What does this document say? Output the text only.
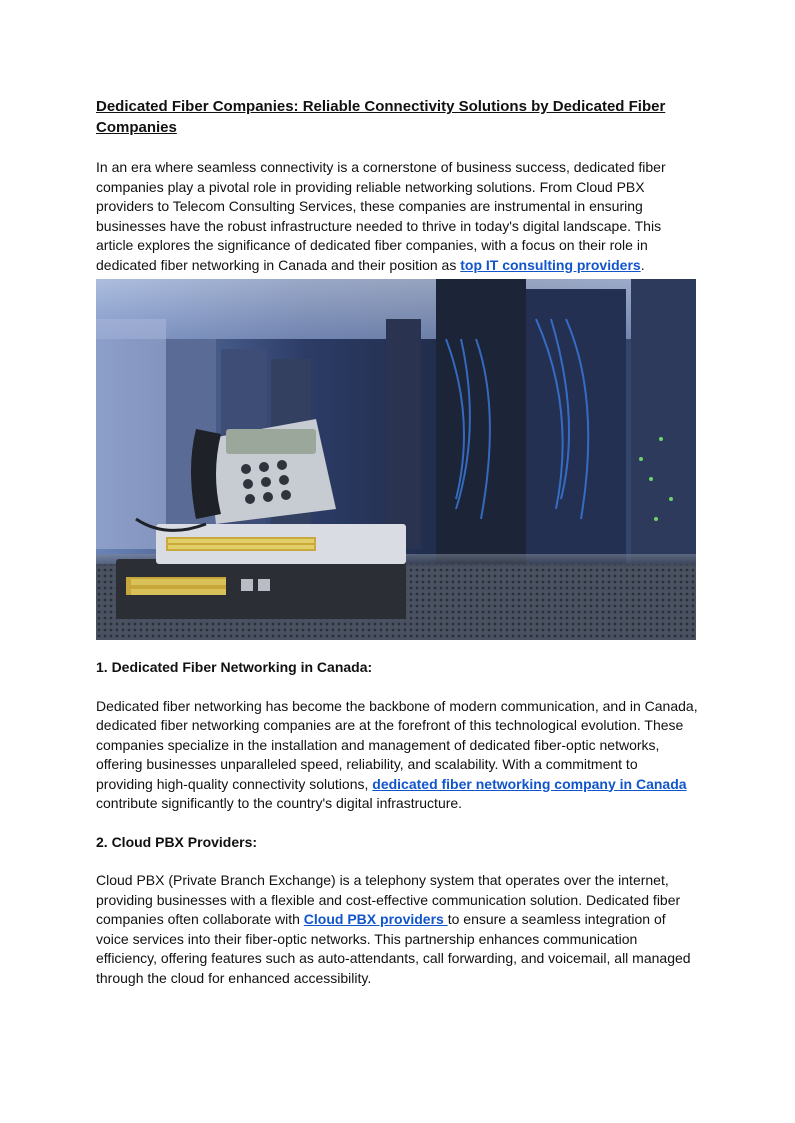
Dedicated Fiber Companies: Reliable Connectivity Solutions by Dedicated Fiber Companies

In an era where seamless connectivity is a cornerstone of business success, dedicated fiber companies play a pivotal role in providing reliable networking solutions. From Cloud PBX providers to Telecom Consulting Services, these companies are instrumental in ensuring businesses have the robust infrastructure needed to thrive in today's digital landscape. This article explores the significance of dedicated fiber companies, with a focus on their role in dedicated fiber networking in Canada and their position as top IT consulting providers.

1. Dedicated Fiber Networking in Canada:

Dedicated fiber networking has become the backbone of modern communication, and in Canada, dedicated fiber networking companies are at the forefront of this technological evolution. These companies specialize in the installation and management of dedicated fiber-optic networks, offering businesses unparalleled speed, reliability, and scalability. With a commitment to providing high-quality connectivity solutions, dedicated fiber networking company in Canada contribute significantly to the country's digital infrastructure.

2. Cloud PBX Providers:

Cloud PBX (Private Branch Exchange) is a telephony system that operates over the internet, providing businesses with a flexible and cost-effective communication solution. Dedicated fiber companies often collaborate with Cloud PBX providers to ensure a seamless integration of voice services into their fiber-optic networks. This partnership enhances communication efficiency, offering features such as auto-attendants, call forwarding, and voicemail, all managed through the cloud for enhanced accessibility.
